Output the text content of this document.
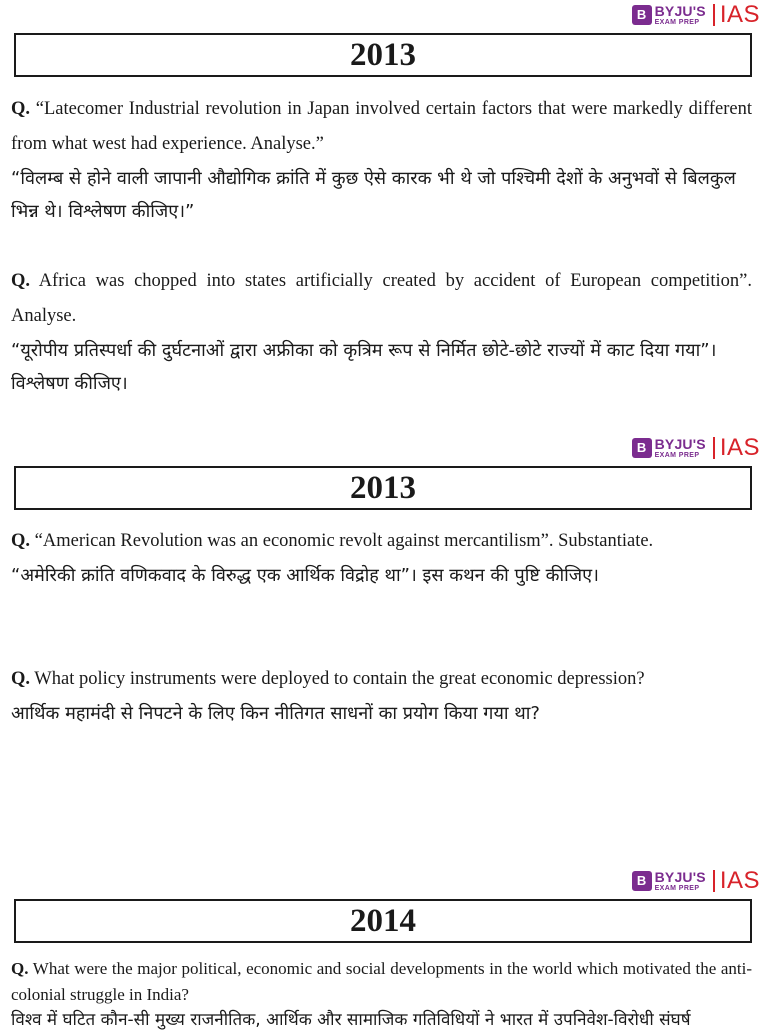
B BYJU'S
EXAM PREP IAS
2013

Q. “Latecomer Industrial revolution in Japan involved certain factors that were markedly different from what west had experience. Analyse.”

“विलम्ब से होने वाली जापानी औद्योगिक क्रांति में कुछ ऐसे कारक भी थे जो पश्चिमी देशों के अनुभवों से बिलकुल भिन्न थे। विश्लेषण कीजिए।”

Q. Africa was chopped into states artificially created by accident of European competition”. Analyse.

“यूरोपीय प्रतिस्पर्धा की दुर्घटनाओं द्वारा अफ्रीका को कृत्रिम रूप से निर्मित छोटे-छोटे राज्यों में काट दिया गया”। विश्लेषण कीजिए।

B BYJU'S
EXAM PREP IAS
2013

Q. “American Revolution was an economic revolt against mercantilism”. Substantiate.

“अमेरिकी क्रांति वणिकवाद के विरुद्ध एक आर्थिक विद्रोह था”। इस कथन की पुष्टि कीजिए।

Q. What policy instruments were deployed to contain the great economic depression?

आर्थिक महामंदी से निपटने के लिए किन नीतिगत साधनों का प्रयोग किया गया था?

B BYJU'S
EXAM PREP IAS
2014

Q. What were the major political, economic and social developments in the world which motivated the anti-colonial struggle in India?

विश्व में घटित कौन-सी मुख्य राजनीतिक, आर्थिक और सामाजिक गतिविधियों ने भारत में उपनिवेश-विरोधी संघर्ष
